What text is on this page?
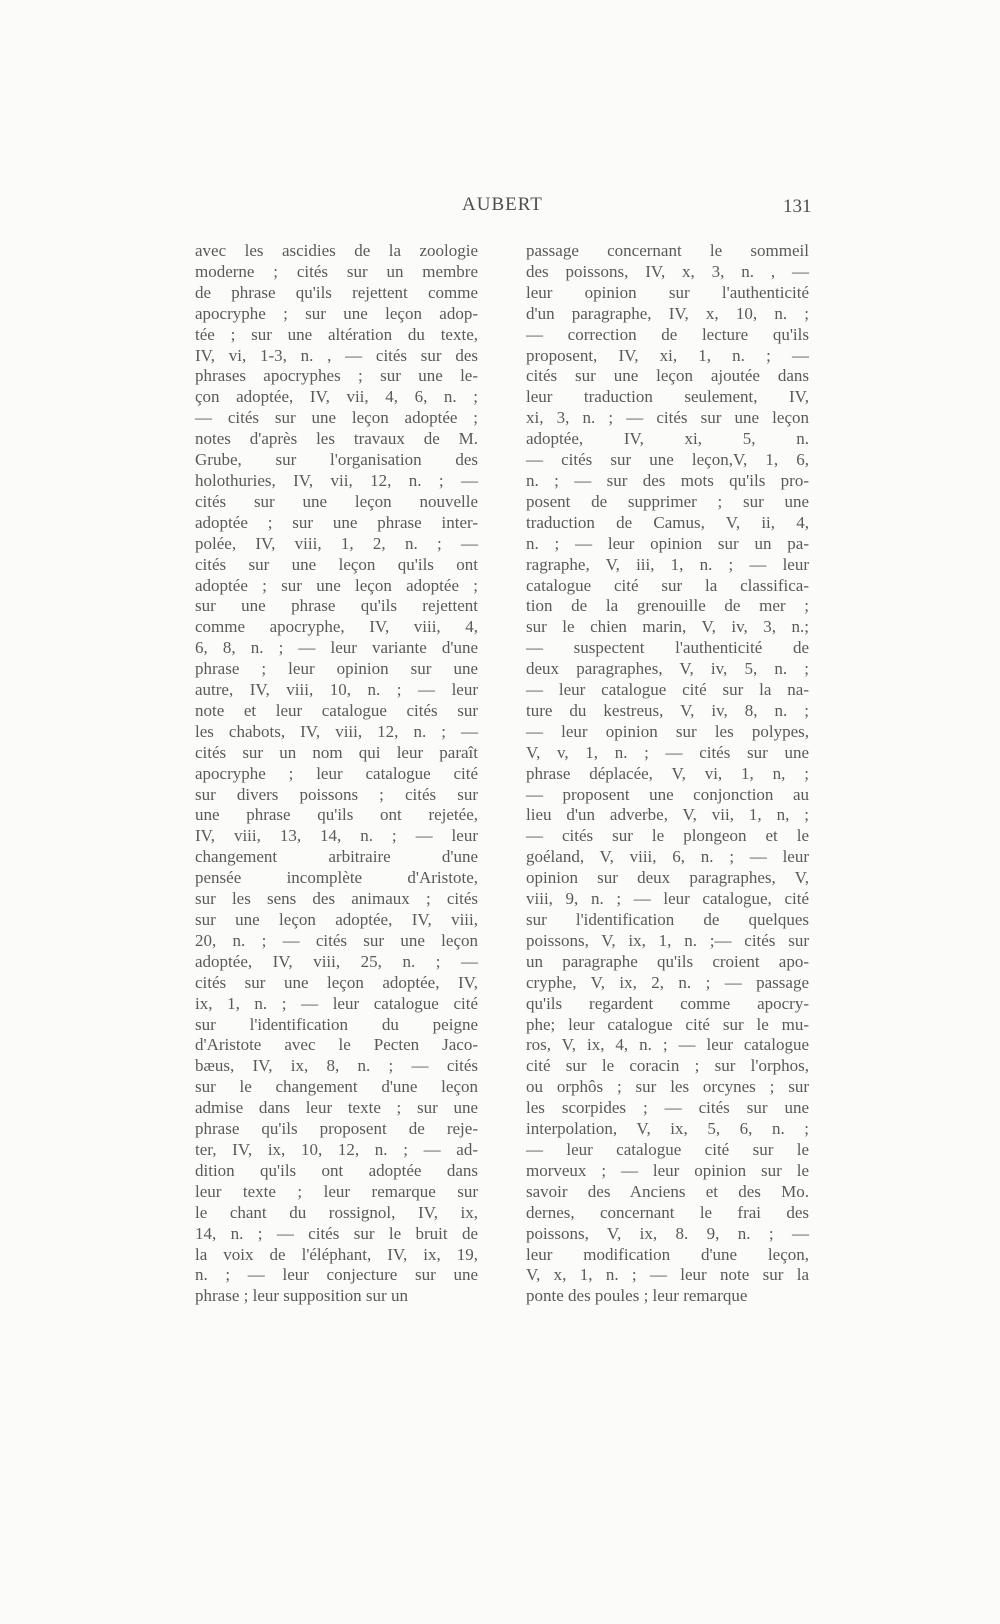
AUBERT	131
avec les ascidies de la zoologie
moderne ; cités sur un membre
de phrase qu'ils rejettent comme
apocryphe ; sur une leçon adop-
tée ; sur une altération du texte,
IV, vi, 1-3, n. , — cités sur des
phrases apocryphes ; sur une le-
çon adoptée, IV, vii, 4, 6, n. ;
— cités sur une leçon adoptée ;
notes d'après les travaux de M.
Grube, sur l'organisation des
holothuries, IV, vii, 12, n. ; —
cités sur une leçon nouvelle
adoptée ; sur une phrase inter-
polée, IV, viii, 1, 2, n. ; —
cités sur une leçon qu'ils ont
adoptée ; sur une leçon adoptée ;
sur une phrase qu'ils rejettent
comme apocryphe, IV, viii, 4,
6, 8, n. ; — leur variante d'une
phrase ; leur opinion sur une
autre, IV, viii, 10, n. ; — leur
note et leur catalogue cités sur
les chabots, IV, viii, 12, n. ; —
cités sur un nom qui leur paraît
apocryphe ; leur catalogue cité
sur divers poissons ; cités sur
une phrase qu'ils ont rejetée,
IV, viii, 13, 14, n. ; — leur
changement arbitraire d'une
pensée incomplète d'Aristote,
sur les sens des animaux ; cités
sur une leçon adoptée, IV, viii,
20, n. ; — cités sur une leçon
adoptée, IV, viii, 25, n. ; —
cités sur une leçon adoptée, IV,
ix, 1, n. ; — leur catalogue cité
sur l'identification du peigne
d'Aristote avec le Pecten Jaco-
bæus, IV, ix, 8, n. ; — cités
sur le changement d'une leçon
admise dans leur texte ; sur une
phrase qu'ils proposent de reje-
ter, IV, ix, 10, 12, n. ; — ad-
dition qu'ils ont adoptée dans
leur texte ; leur remarque sur
le chant du rossignol, IV, ix,
14, n. ; — cités sur le bruit de
la voix de l'éléphant, IV, ix, 19,
n. ; — leur conjecture sur une
phrase ; leur supposition sur un
passage concernant le sommeil
des poissons, IV, x, 3, n. , —
leur opinion sur l'authenticité
d'un paragraphe, IV, x, 10, n. ;
— correction de lecture qu'ils
proposent, IV, xi, 1, n. ; —
cités sur une leçon ajoutée dans
leur traduction seulement, IV,
xi, 3, n. ; — cités sur une leçon
adoptée, IV, xi, 5, n.
— cités sur une leçon,V, 1, 6,
n. ; — sur des mots qu'ils pro-
posent de supprimer ; sur une
traduction de Camus, V, ii, 4,
n. ; — leur opinion sur un pa-
ragraphe, V, iii, 1, n. ; — leur
catalogue cité sur la classifica-
tion de la grenouille de mer ;
sur le chien marin, V, iv, 3, n.;
— suspectent l'authenticité de
deux paragraphes, V, iv, 5, n. ;
— leur catalogue cité sur la na-
ture du kestreus, V, iv, 8, n. ;
— leur opinion sur les polypes,
V, v, 1, n. ; — cités sur une
phrase déplacée, V, vi, 1, n, ;
— proposent une conjonction au
lieu d'un adverbe, V, vii, 1, n, ;
— cités sur le plongeon et le
goéland, V, viii, 6, n. ; — leur
opinion sur deux paragraphes, V,
viii, 9, n. ; — leur catalogue, cité
sur l'identification de quelques
poissons, V, ix, 1, n. ;— cités sur
un paragraphe qu'ils croient apo-
cryphe, V, ix, 2, n. ; — passage
qu'ils regardent comme apocry-
phe; leur catalogue cité sur le mu-
ros, V, ix, 4, n. ; — leur catalogue
cité sur le coracin ; sur l'orphos,
ou orphôs ; sur les orcynes ; sur
les scorpides ; — cités sur une
interpolation, V, ix, 5, 6, n. ;
— leur catalogue cité sur le
morveux ; — leur opinion sur le
savoir des Anciens et des Mo.
dernes, concernant le frai des
poissons, V, ix, 8. 9, n. ; —
leur modification d'une leçon,
V, x, 1, n. ; — leur note sur la
ponte des poules ; leur remarque
